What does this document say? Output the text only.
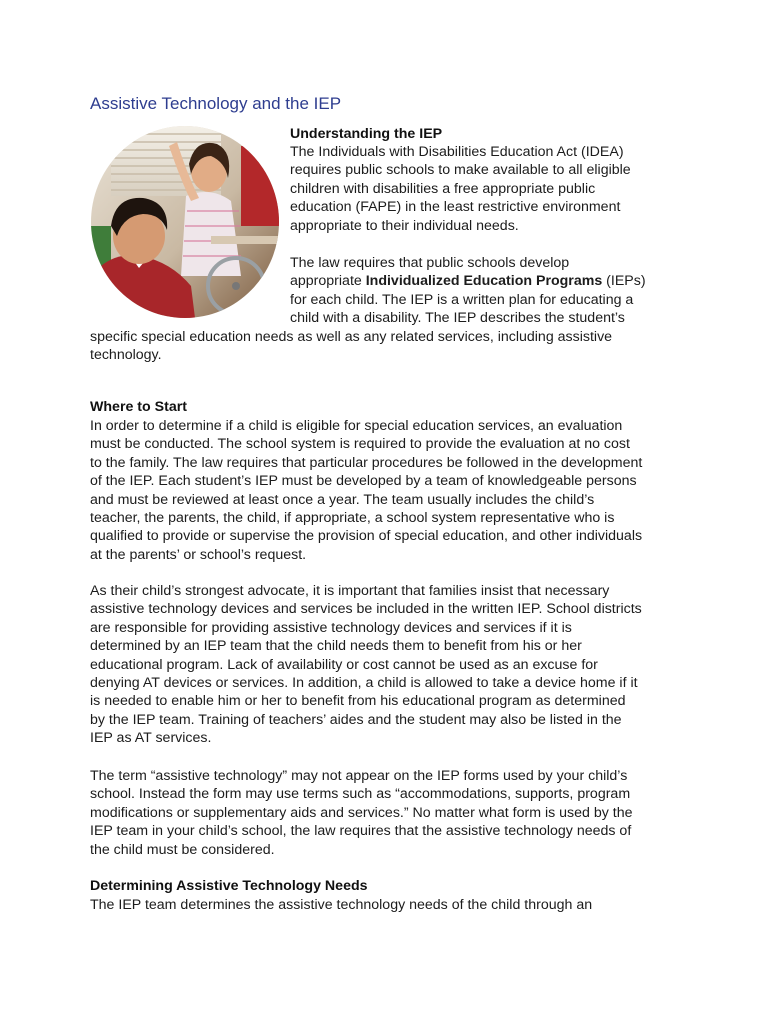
Assistive Technology and the IEP

Understanding the IEP

The Individuals with Disabilities Education Act (IDEA)
requires public schools to make available to all eligible
children with disabilities a free appropriate public
education (FAPE) in the least restrictive environment
appropriate to their individual needs.

The law requires that public schools develop
appropriate Individualized Education Programs (IEPs)
for each child. The IEP is a written plan for educating a
child with a disability. The IEP describes the student’s

specific special education needs as well as any related services, including assistive
technology.

Where to Start

In order to determine if a child is eligible for special education services, an evaluation
must be conducted. The school system is required to provide the evaluation at no cost
to the family. The law requires that particular procedures be followed in the development
of the IEP. Each student’s IEP must be developed by a team of knowledgeable persons
and must be reviewed at least once a year. The team usually includes the child’s
teacher, the parents, the child, if appropriate, a school system representative who is
qualified to provide or supervise the provision of special education, and other individuals
at the parents’ or school’s request.

As their child’s strongest advocate, it is important that families insist that necessary
assistive technology devices and services be included in the written IEP. School districts
are responsible for providing assistive technology devices and services if it is
determined by an IEP team that the child needs them to benefit from his or her
educational program. Lack of availability or cost cannot be used as an excuse for
denying AT devices or services. In addition, a child is allowed to take a device home if it
is needed to enable him or her to benefit from his educational program as determined
by the IEP team. Training of teachers’ aides and the student may also be listed in the
IEP as AT services.

The term “assistive technology” may not appear on the IEP forms used by your child’s
school. Instead the form may use terms such as “accommodations, supports, program
modifications or supplementary aids and services.” No matter what form is used by the
IEP team in your child’s school, the law requires that the assistive technology needs of
the child must be considered.

Determining Assistive Technology Needs

The IEP team determines the assistive technology needs of the child through an
